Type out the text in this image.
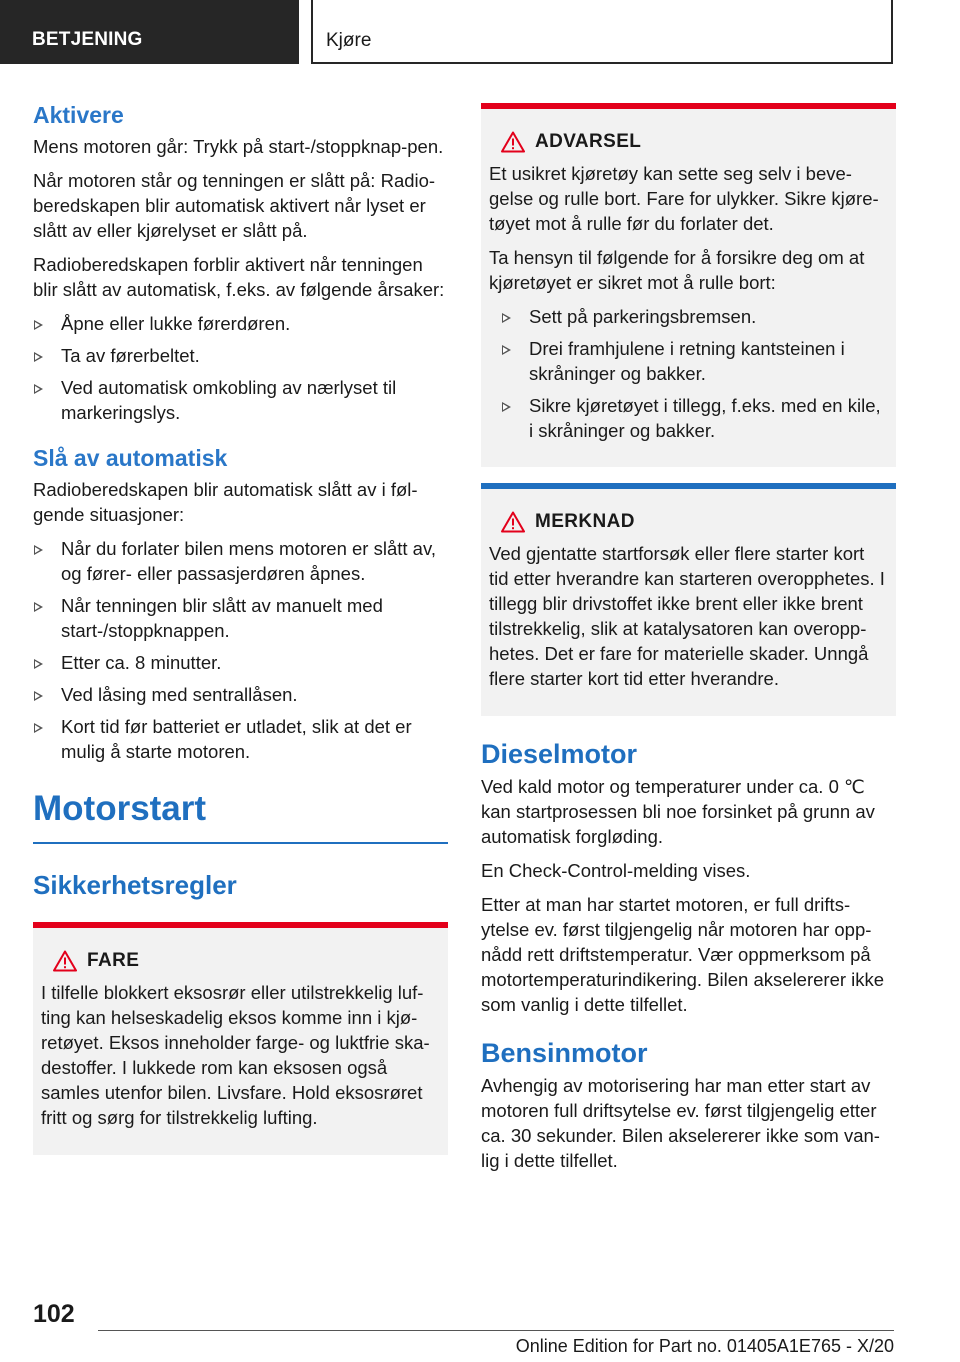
BETJENING	Kjøre
Aktivere

Mens motoren går: Trykk på start-/stoppknap-pen.

Når motoren står og tenningen er slått på: Radio-beredskapen blir automatisk aktivert når lyset er slått av eller kjørelyset er slått på.

Radioberedskapen forblir aktivert når tenningen blir slått av automatisk, f.eks. av følgende årsaker:

Åpne eller lukke førerdøren.
Ta av førerbeltet.
Ved automatisk omkobling av nærlyset til markeringslys.
Slå av automatisk

Radioberedskapen blir automatisk slått av i føl-gende situasjoner:

Når du forlater bilen mens motoren er slått av, og fører- eller passasjerdøren åpnes.
Når tenningen blir slått av manuelt med start-/stoppknappen.
Etter ca. 8 minutter.
Ved låsing med sentrallåsen.
Kort tid før batteriet er utladet, slik at det er mulig å starte motoren.
Motorstart
Sikkerhetsregler
FARE

I tilfelle blokkert eksosrør eller utilstrekkelig luf-ting kan helseskadelig eksos komme inn i kjø-retøyet. Eksos inneholder farge- og luktfrie ska-destoffer. I lukkede rom kan eksosen også samles utenfor bilen. Livsfare. Hold eksosrøret fritt og sørg for tilstrekkelig lufting.

ADVARSEL

Et usikret kjøretøy kan sette seg selv i beve-gelse og rulle bort. Fare for ulykker. Sikre kjøre-tøyet mot å rulle før du forlater det.

Ta hensyn til følgende for å forsikre deg om at kjøretøyet er sikret mot å rulle bort:

Sett på parkeringsbremsen.
Drei framhjulene i retning kantsteinen i skråninger og bakker.
Sikre kjøretøyet i tillegg, f.eks. med en kile, i skråninger og bakker.
MERKNAD

Ved gjentatte startforsøk eller flere starter kort tid etter hverandre kan starteren overopphetes. I tillegg blir drivstoffet ikke brent eller ikke brent tilstrekkelig, slik at katalysatoren kan overopp-hetes. Det er fare for materielle skader. Unngå flere starter kort tid etter hverandre.

Dieselmotor

Ved kald motor og temperaturer under ca. 0 ℃ kan startprosessen bli noe forsinket på grunn av automatisk forgløding.

En Check-Control-melding vises.

Etter at man har startet motoren, er full drifts-ytelse ev. først tilgjengelig når motoren har opp-nådd rett driftstemperatur. Vær oppmerksom på motortemperaturindikering. Bilen akselererer ikke som vanlig i dette tilfellet.

Bensinmotor

Avhengig av motorisering har man etter start av motoren full driftsytelse ev. først tilgjengelig etter ca. 30 sekunder. Bilen akselererer ikke som van-lig i dette tilfellet.

102
Online Edition for Part no. 01405A1E765 - X/20
